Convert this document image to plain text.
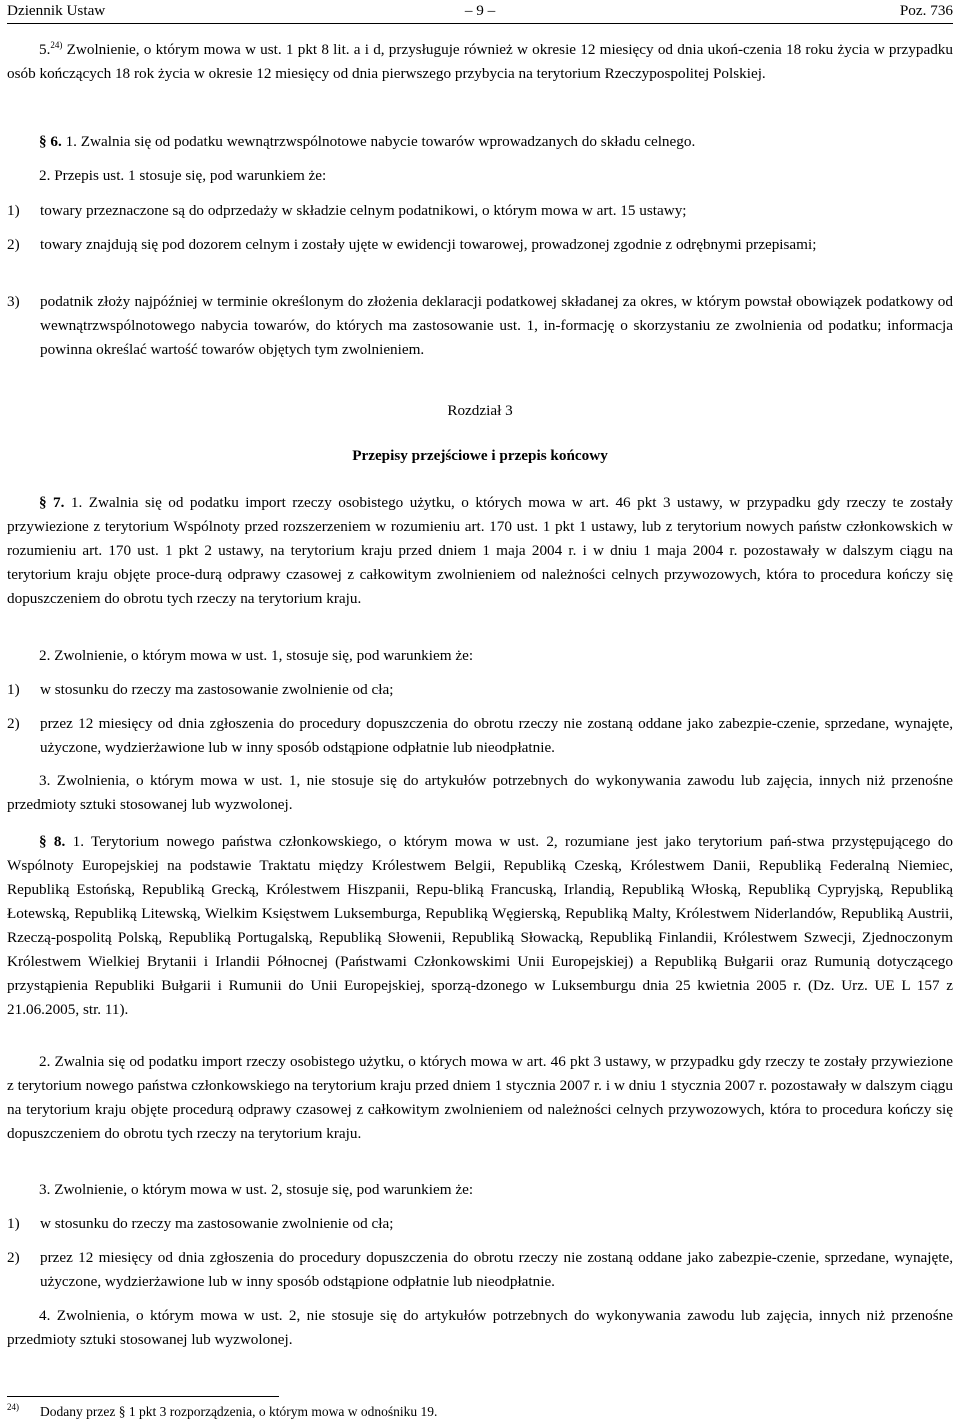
Dziennik Ustaw	– 9 –	Poz. 736

5.$^{24)}$ Zwolnienie, o którym mowa w ust. 1 pkt 8 lit. a i d, przysługuje również w okresie 12 miesięcy od dnia ukoń-czenia 18 roku życia w przypadku osób kończących 18 rok życia w okresie 12 miesięcy od dnia pierwszego przybycia na terytorium Rzeczypospolitej Polskiej.

§ 6. 1. Zwalnia się od podatku wewnątrzwspólnotowe nabycie towarów wprowadzanych do składu celnego.

2. Przepis ust. 1 stosuje się, pod warunkiem że:

1) towary przeznaczone są do odprzedaży w składzie celnym podatnikowi, o którym mowa w art. 15 ustawy;
2) towary znajdują się pod dozorem celnym i zostały ujęte w ewidencji towarowej, prowadzonej zgodnie z odrębnymi przepisami;
3) podatnik złoży najpóźniej w terminie określonym do złożenia deklaracji podatkowej składanej za okres, w którym powstał obowiązek podatkowy od wewnątrzwspólnotowego nabycia towarów, do których ma zastosowanie ust. 1, in-formację o skorzystaniu ze zwolnienia od podatku; informacja powinna określać wartość towarów objętych tym zwolnieniem.

Rozdział 3

Przepisy przejściowe i przepis końcowy

§ 7. 1. Zwalnia się od podatku import rzeczy osobistego użytku, o których mowa w art. 46 pkt 3 ustawy, w przypadku gdy rzeczy te zostały przywiezione z terytorium Wspólnoty przed rozszerzeniem w rozumieniu art. 170 ust. 1 pkt 1 ustawy, lub z terytorium nowych państw członkowskich w rozumieniu art. 170 ust. 1 pkt 2 ustawy, na terytorium kraju przed dniem 1 maja 2004 r. i w dniu 1 maja 2004 r. pozostawały w dalszym ciągu na terytorium kraju objęte proce-durą odprawy czasowej z całkowitym zwolnieniem od należności celnych przywozowych, która to procedura kończy się dopuszczeniem do obrotu tych rzeczy na terytorium kraju.

2. Zwolnienie, o którym mowa w ust. 1, stosuje się, pod warunkiem że:

1) w stosunku do rzeczy ma zastosowanie zwolnienie od cła;
2) przez 12 miesięcy od dnia zgłoszenia do procedury dopuszczenia do obrotu rzeczy nie zostaną oddane jako zabezpie-czenie, sprzedane, wynajęte, użyczone, wydzierżawione lub w inny sposób odstąpione odpłatnie lub nieodpłatnie.

3. Zwolnienia, o którym mowa w ust. 1, nie stosuje się do artykułów potrzebnych do wykonywania zawodu lub zajęcia, innych niż przenośne przedmioty sztuki stosowanej lub wyzwolonej.

§ 8. 1. Terytorium nowego państwa członkowskiego, o którym mowa w ust. 2, rozumiane jest jako terytorium pań-stwa przystępującego do Wspólnoty Europejskiej na podstawie Traktatu między Królestwem Belgii, Republiką Czeską, Królestwem Danii, Republiką Federalną Niemiec, Republiką Estońską, Republiką Grecką, Królestwem Hiszpanii, Repu-bliką Francuską, Irlandią, Republiką Włoską, Republiką Cypryjską, Republiką Łotewską, Republiką Litewską, Wielkim Księstwem Luksemburga, Republiką Węgierską, Republiką Malty, Królestwem Niderlandów, Republiką Austrii, Rzeczą-pospolitą Polską, Republiką Portugalską, Republiką Słowenii, Republiką Słowacką, Republiką Finlandii, Królestwem Szwecji, Zjednoczonym Królestwem Wielkiej Brytanii i Irlandii Północnej (Państwami Członkowskimi Unii Europejskiej) a Republiką Bułgarii oraz Rumunią dotyczącego przystąpienia Republiki Bułgarii i Rumunii do Unii Europejskiej, sporzą-dzonego w Luksemburgu dnia 25 kwietnia 2005 r. (Dz. Urz. UE L 157 z 21.06.2005, str. 11).

2. Zwalnia się od podatku import rzeczy osobistego użytku, o których mowa w art. 46 pkt 3 ustawy, w przypadku gdy rzeczy te zostały przywiezione z terytorium nowego państwa członkowskiego na terytorium kraju przed dniem 1 stycznia 2007 r. i w dniu 1 stycznia 2007 r. pozostawały w dalszym ciągu na terytorium kraju objęte procedurą odprawy czasowej z całkowitym zwolnieniem od należności celnych przywozowych, która to procedura kończy się dopuszczeniem do obrotu tych rzeczy na terytorium kraju.

3. Zwolnienie, o którym mowa w ust. 2, stosuje się, pod warunkiem że:

1) w stosunku do rzeczy ma zastosowanie zwolnienie od cła;
2) przez 12 miesięcy od dnia zgłoszenia do procedury dopuszczenia do obrotu rzeczy nie zostaną oddane jako zabezpie-czenie, sprzedane, wynajęte, użyczone, wydzierżawione lub w inny sposób odstąpione odpłatnie lub nieodpłatnie.

4. Zwolnienia, o którym mowa w ust. 2, nie stosuje się do artykułów potrzebnych do wykonywania zawodu lub zajęcia, innych niż przenośne przedmioty sztuki stosowanej lub wyzwolonej.

$^{24)}$ Dodany przez § 1 pkt 3 rozporządzenia, o którym mowa w odnośniku 19.
